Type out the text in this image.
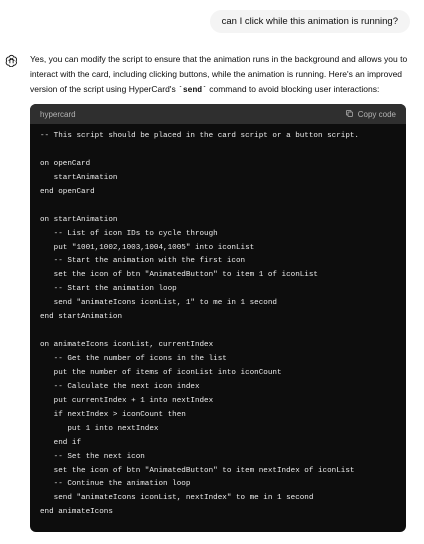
can I click while this animation is running?

Yes, you can modify the script to ensure that the animation runs in the background and allows you to interact with the card, including clicking buttons, while the animation is running. Here's an improved version of the script using HyperCard's `send` command to avoid blocking user interactions:

hypercard	Copy code
-- This script should be placed in the card script or a button script.

on openCard
startAnimation
end openCard

on startAnimation
-- List of icon IDs to cycle through
put "1001,1002,1003,1004,1005" into iconList
-- Start the animation with the first icon
set the icon of btn "AnimatedButton" to item 1 of iconList
-- Start the animation loop
send "animateIcons iconList, 1" to me in 1 second
end startAnimation

on animateIcons iconList, currentIndex
-- Get the number of icons in the list
put the number of items of iconList into iconCount
-- Calculate the next icon index
put currentIndex + 1 into nextIndex
if nextIndex > iconCount then
put 1 into nextIndex
end if
-- Set the next icon
set the icon of btn "AnimatedButton" to item nextIndex of iconList
-- Continue the animation loop
send "animateIcons iconList, nextIndex" to me in 1 second
end animateIcons
